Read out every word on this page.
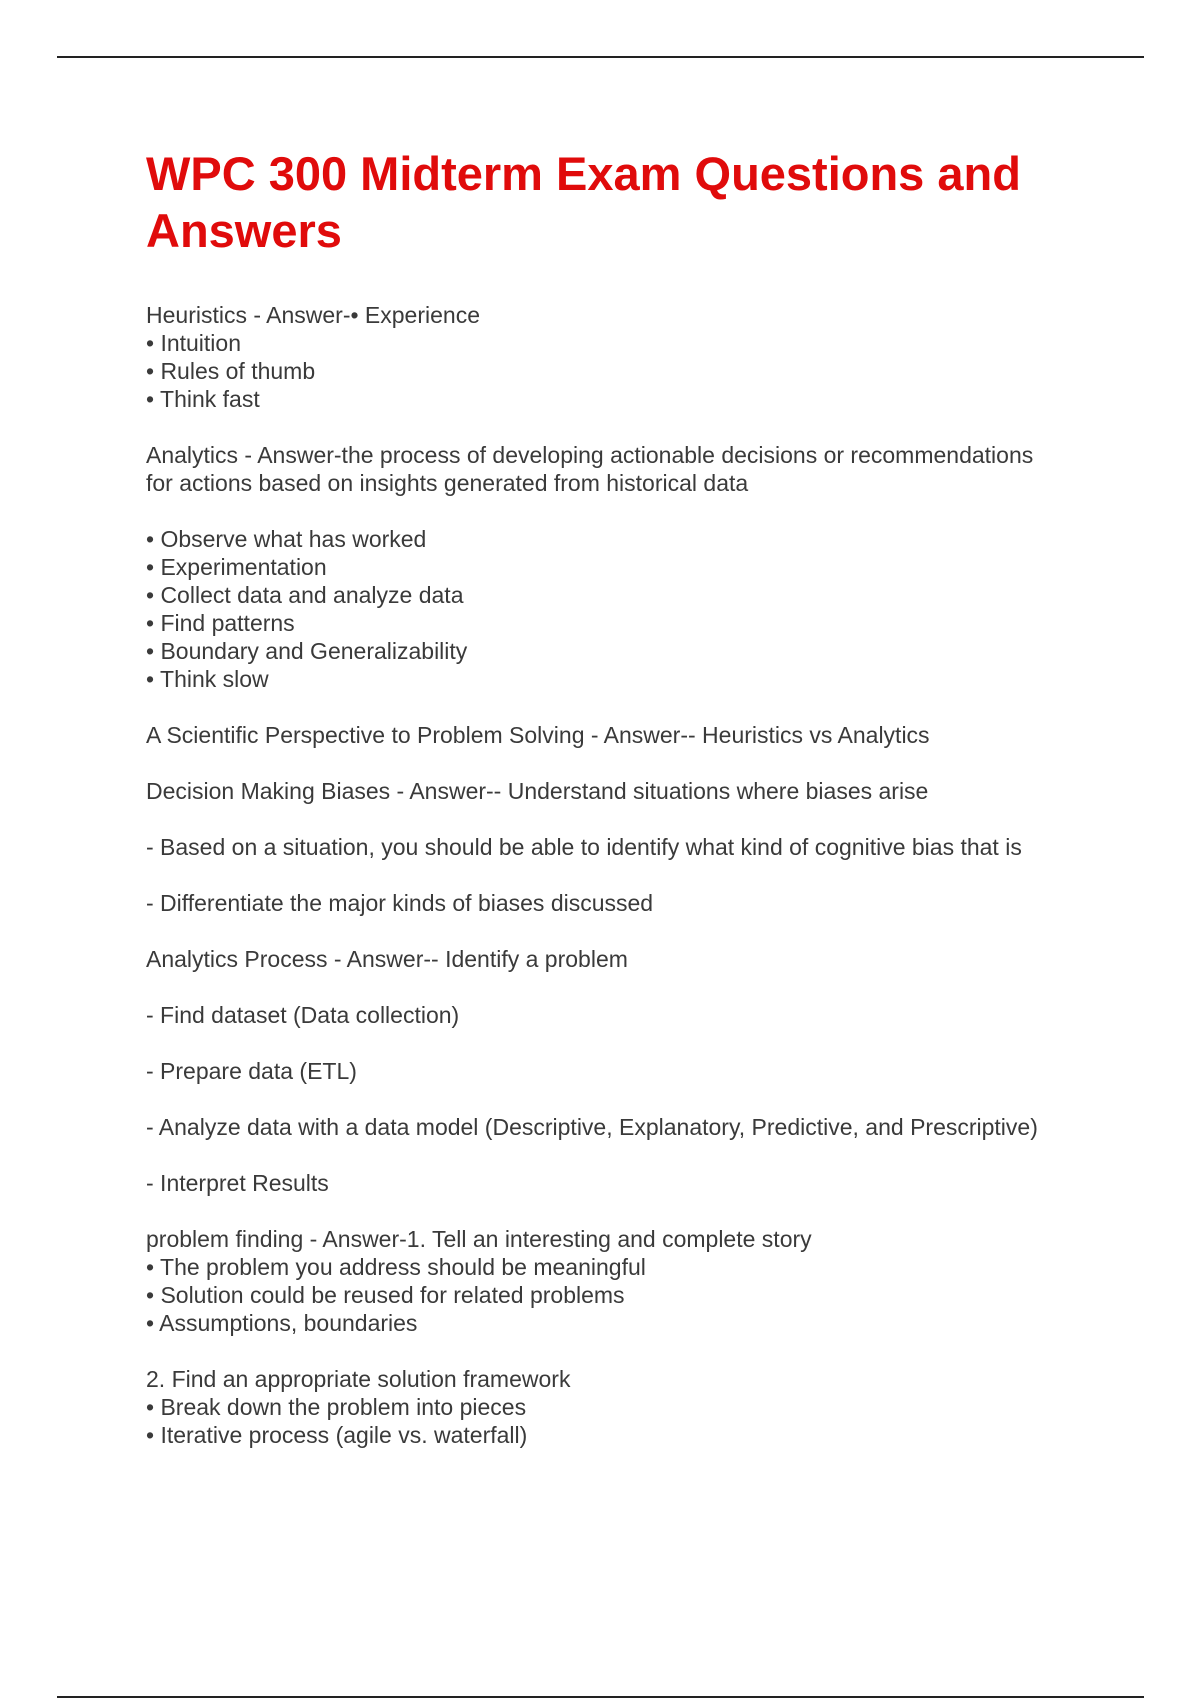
WPC 300 Midterm Exam Questions and Answers

Heuristics - Answer-• Experience
• Intuition
• Rules of thumb
• Think fast

Analytics - Answer-the process of developing actionable decisions or recommendations
for actions based on insights generated from historical data

• Observe what has worked
• Experimentation
• Collect data and analyze data
• Find patterns
• Boundary and Generalizability
• Think slow

A Scientific Perspective to Problem Solving - Answer-- Heuristics vs Analytics

Decision Making Biases - Answer-- Understand situations where biases arise

- Based on a situation, you should be able to identify what kind of cognitive bias that is

- Differentiate the major kinds of biases discussed

Analytics Process - Answer-- Identify a problem

- Find dataset (Data collection)

- Prepare data (ETL)

- Analyze data with a data model (Descriptive, Explanatory, Predictive, and Prescriptive)

- Interpret Results

problem finding - Answer-1. Tell an interesting and complete story
• The problem you address should be meaningful
• Solution could be reused for related problems
• Assumptions, boundaries

2. Find an appropriate solution framework
• Break down the problem into pieces
• Iterative process (agile vs. waterfall)
